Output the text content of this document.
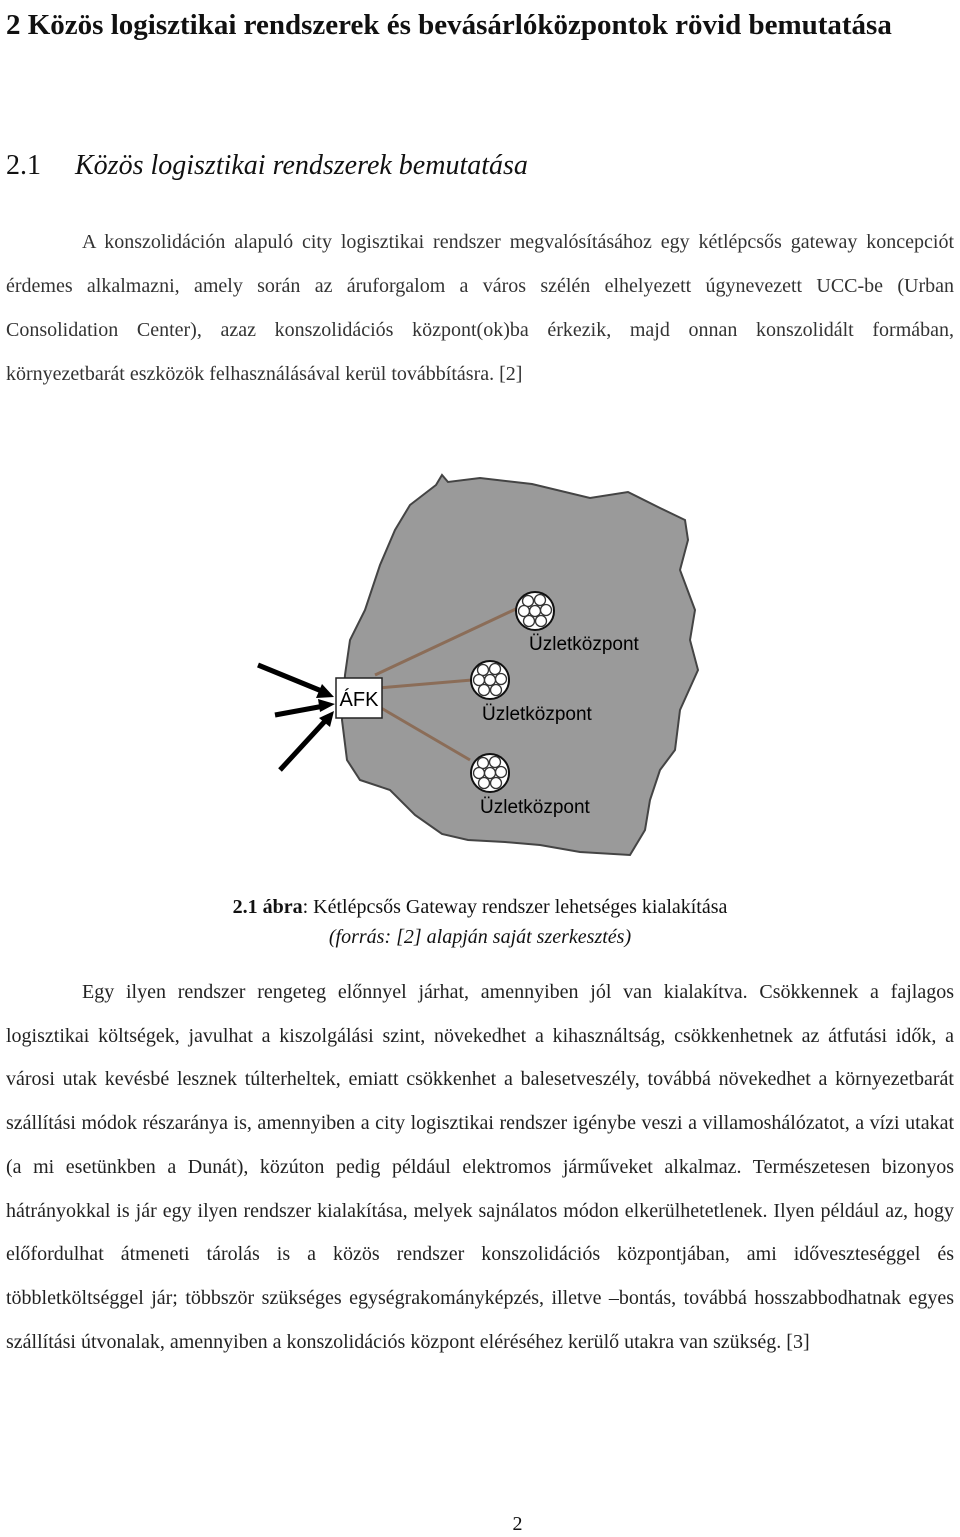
2 Közös logisztikai rendszerek és bevásárlóközpontok rövid bemutatása
2.1 Közös logisztikai rendszerek bemutatása

A konszolidáción alapuló city logisztikai rendszer megvalósításához egy kétlépcsős gateway koncepciót érdemes alkalmazni, amely során az áruforgalom a város szélén elhelyezett úgynevezett UCC-be (Urban Consolidation Center), azaz konszolidációs központ(ok)ba érkezik, majd onnan konszolidált formában, környezetbarát eszközök felhasználásával kerül továbbításra. [2]

ÁFK
Üzletközpont
Üzletközpont
Üzletközpont

2.1 ábra: Kétlépcsős Gateway rendszer lehetséges kialakítása
(forrás: [2] alapján saját szerkesztés)

Egy ilyen rendszer rengeteg előnnyel járhat, amennyiben jól van kialakítva. Csökkennek a fajlagos logisztikai költségek, javulhat a kiszolgálási szint, növekedhet a kihasználtság, csökkenhetnek az átfutási idők, a városi utak kevésbé lesznek túlterheltek, emiatt csökkenhet a balesetveszély, továbbá növekedhet a környezetbarát szállítási módok részaránya is, amennyiben a city logisztikai rendszer igénybe veszi a villamoshálózatot, a vízi utakat (a mi esetünkben a Dunát), közúton pedig például elektromos járműveket alkalmaz. Természetesen bizonyos hátrányokkal is jár egy ilyen rendszer kialakítása, melyek sajnálatos módon elkerülhetetlenek. Ilyen például az, hogy előfordulhat átmeneti tárolás is a közös rendszer konszolidációs központjában, ami időveszteséggel és többletköltséggel jár; többször szükséges egységrakományképzés, illetve –bontás, továbbá hosszabbodhatnak egyes szállítási útvonalak, amennyiben a konszolidációs központ eléréséhez kerülő utakra van szükség. [3]

2
